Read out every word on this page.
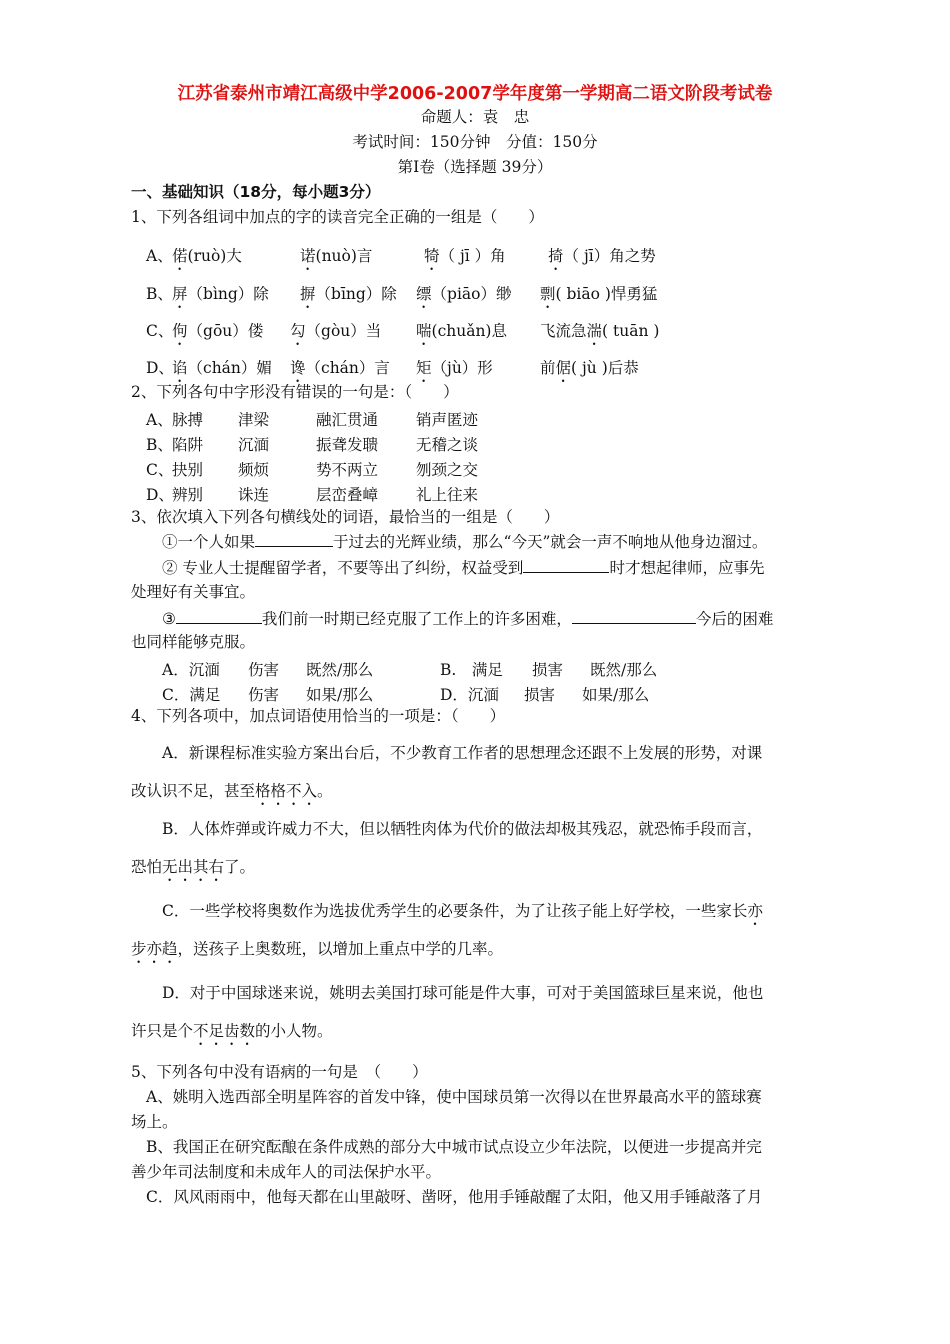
江苏省泰州市靖江高级中学2006-2007学年度第一学期高二语文阶段考试卷
命题人：袁　忠
考试时间：150分钟　分值：150分
第Ⅰ卷（选择题 39分）
一、基础知识（18分，每小题3分）
1、下列各组词中加点的字的读音完全正确的一组是（　　）
A、 偌(ruò)大	诺(nuò)言	犄（ jī ）角	掎（ jī）角之势
B、 屏（bìng）除 摒（bīng）除 缥（piāo）缈 剽( biāo )悍勇猛
C、
佝（gōu）偻 勾（gòu）当 喘(chuǎn)息 飞流急湍( tuān )
D、
谄（chán）媚 谗（chán）言 矩（jù）形	前倨( jù )后恭
2、下列各句中字形没有错误的一句是：（　　）
A、 脉搏 津梁	融汇贯通 销声匿迹
B、 陷阱 沉湎	振聋发聩 无稽之谈
C、
抉别 频烦	势不两立 刎颈之交
D、
辨别 诛连	层峦叠嶂 礼上往来
3、依次填入下列各句横线处的词语，最恰当的一组是（　　）
①一个人如果	于过去的光辉业绩，那么“今天”就会一声不响地从他身边溜过。
② 专业人士提醒留学者，不要等出了纠纷，权益受到	时才想起律师，应事先
处理好有关事宜。
③	我们前一时期已经克服了工作上的许多困难，	今后的困难
也同样能够克服。
A．沉湎 伤害 既然/那么	B.　满足 损害 既然/那么
C．满足 伤害 如果/那么	D．沉湎 损害 如果/那么
4、下列各项中，加点词语使用恰当的一项是：（　　）
A．新课程标准实验方案出台后，不少教育工作者的思想理念还跟不上发展的形势，对课
改认识不足，甚至格格不入。
B．人体炸弹或许威力不大，但以牺牲肉体为代价的做法却极其残忍，就恐怖手段而言，
恐怕无出其右了。
C．一些学校将奥数作为选拔优秀学生的必要条件，为了让孩子能上好学校，一些家长亦
步亦趋，送孩子上奥数班，以增加上重点中学的几率。
D．对于中国球迷来说，姚明去美国打球可能是件大事，可对于美国篮球巨星来说，他也
许只是个不足齿数的小人物。
5、下列各句中没有语病的一句是　（　　）
A、姚明入选西部全明星阵容的首发中锋，使中国球员第一次得以在世界最高水平的篮球赛
场上。
B、我国正在研究酝酿在条件成熟的部分大中城市试点设立少年法院，以便进一步提高并完
善少年司法制度和未成年人的司法保护水平。
C．风风雨雨中，他每天都在山里敲呀、凿呀，他用手锤敲醒了太阳，他又用手锤敲落了月
